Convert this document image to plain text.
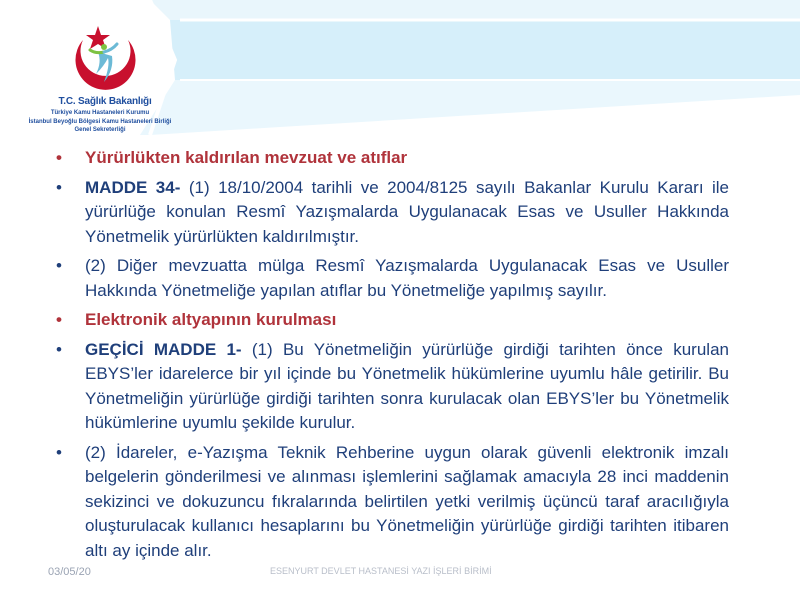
T.C. Sağlık Bakanlığı
Türkiye Kamu Hastaneleri Kurumu
İstanbul Beyoğlu Bölgesi Kamu Hastaneleri Birliği
Genel Sekreterliği
•	Yürürlükten kaldırılan mevzuat ve atıflar
•	MADDE 34- (1) 18/10/2004 tarihli ve 2004/8125 sayılı Bakanlar Kurulu Kararı ile yürürlüğe konulan Resmî Yazışmalarda Uygulanacak Esas ve Usuller Hakkında Yönetmelik yürürlükten kaldırılmıştır.
•	(2) Diğer mevzuatta mülga Resmî Yazışmalarda Uygulanacak Esas ve Usuller Hakkında Yönetmeliğe yapılan atıflar bu Yönetmeliğe yapılmış sayılır.
•	Elektronik altyapının kurulması
•	GEÇİCİ MADDE 1- (1) Bu Yönetmeliğin yürürlüğe girdiği tarihten önce kurulan EBYS’ler idarelerce bir yıl içinde bu Yönetmelik hükümlerine uyumlu hâle getirilir. Bu Yönetmeliğin yürürlüğe girdiği tarihten sonra kurulacak olan EBYS’ler bu Yönetmelik hükümlerine uyumlu şekilde kurulur.
•	(2) İdareler, e-Yazışma Teknik Rehberine uygun olarak güvenli elektronik imzalı belgelerin gönderilmesi ve alınması işlemlerini sağlamak amacıyla 28 inci maddenin sekizinci ve dokuzuncu fıkralarında belirtilen yetki verilmiş üçüncü taraf aracılığıyla oluşturulacak kullanıcı hesaplarını bu Yönetmeliğin yürürlüğe girdiği tarihten itibaren altı ay içinde alır.
03/05/20	ESENYURT DEVLET HASTANESİ YAZI İŞLERİ BİRİMİ
